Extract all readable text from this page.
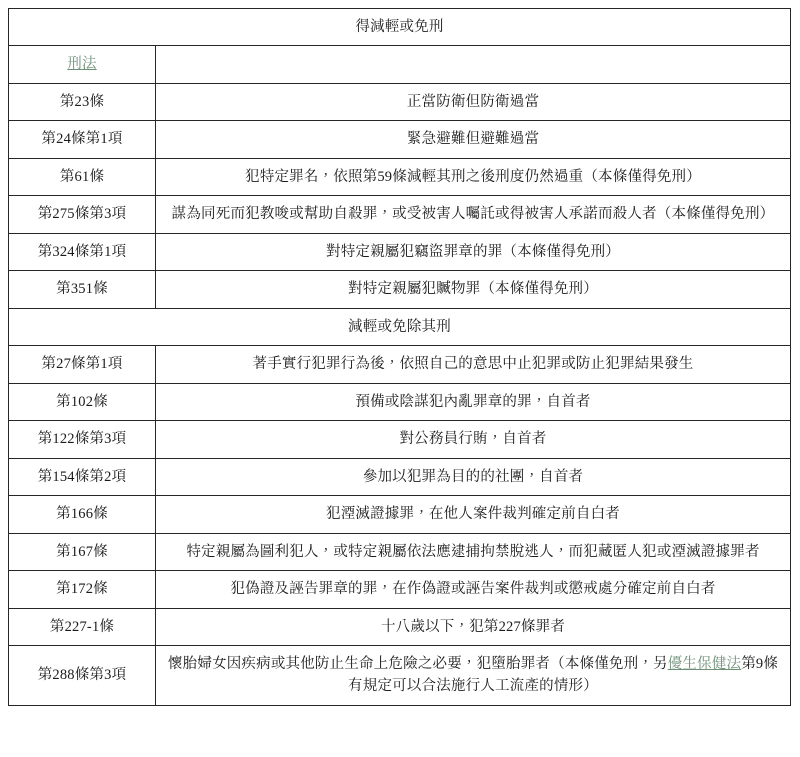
得減輕或免刑	
刑法	
第23條	正當防衛但防衛過當
第24條第1項	緊急避難但避難過當
第61條	犯特定罪名，依照第59條減輕其刑之後刑度仍然過重（本條僅得免刑）
第275條第3項	謀為同死而犯教唆或幫助自殺罪，或受被害人囑託或得被害人承諾而殺人者（本條僅得免刑）
第324條第1項	對特定親屬犯竊盜罪章的罪（本條僅得免刑）
第351條	對特定親屬犯贓物罪（本條僅得免刑）
減輕或免除其刑	
第27條第1項	著手實行犯罪行為後，依照自己的意思中止犯罪或防止犯罪結果發生
第102條	預備或陰謀犯內亂罪章的罪，自首者
第122條第3項	對公務員行賄，自首者
第154條第2項	參加以犯罪為目的的社團，自首者
第166條	犯湮滅證據罪，在他人案件裁判確定前自白者
第167條	特定親屬為圖利犯人，或特定親屬依法應逮捕拘禁脫逃人，而犯藏匿人犯或湮滅證據罪者
第172條	犯偽證及誣告罪章的罪，在作偽證或誣告案件裁判或懲戒處分確定前自白者
第227-1條	十八歲以下，犯第227條罪者
第288條第3項	懷胎婦女因疾病或其他防止生命上危險之必要，犯墮胎罪者（本條僅免刑，另優生保健法第9條有規定可以合法施行人工流產的情形）
